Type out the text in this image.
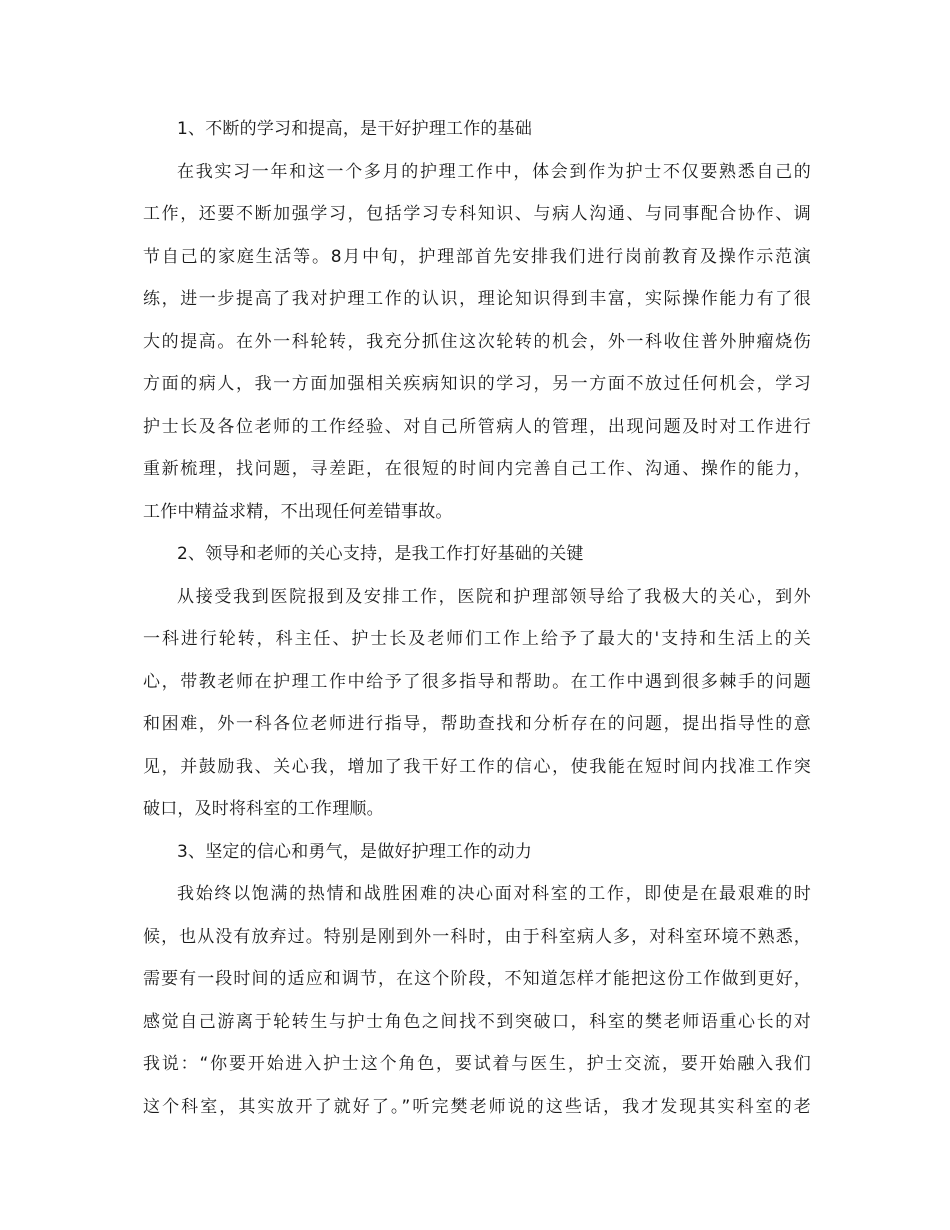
1、不断的学习和提高，是干好护理工作的基础
在我实习一年和这一个多月的护理工作中，体会到作为护士不仅要熟悉自己的
工作，还要不断加强学习，包括学习专科知识、与病人沟通、与同事配合协作、调
节自己的家庭生活等。8月中旬，护理部首先安排我们进行岗前教育及操作示范演
练，进一步提高了我对护理工作的认识，理论知识得到丰富，实际操作能力有了很
大的提高。在外一科轮转，我充分抓住这次轮转的机会，外一科收住普外肿瘤烧伤
方面的病人，我一方面加强相关疾病知识的学习，另一方面不放过任何机会，学习
护士长及各位老师的工作经验、对自己所管病人的管理，出现问题及时对工作进行
重新梳理，找问题，寻差距，在很短的时间内完善自己工作、沟通、操作的能力，
工作中精益求精，不出现任何差错事故。
2、领导和老师的关心支持，是我工作打好基础的关键
从接受我到医院报到及安排工作，医院和护理部领导给了我极大的关心，到外
一科进行轮转，科主任、护士长及老师们工作上给予了最大的'支持和生活上的关
心，带教老师在护理工作中给予了很多指导和帮助。在工作中遇到很多棘手的问题
和困难，外一科各位老师进行指导，帮助查找和分析存在的问题，提出指导性的意
见，并鼓励我、关心我，增加了我干好工作的信心，使我能在短时间内找准工作突
破口，及时将科室的工作理顺。
3、坚定的信心和勇气，是做好护理工作的动力
我始终以饱满的热情和战胜困难的决心面对科室的工作，即使是在最艰难的时
候，也从没有放弃过。特别是刚到外一科时，由于科室病人多，对科室环境不熟悉，
需要有一段时间的适应和调节，在这个阶段，不知道怎样才能把这份工作做到更好，
感觉自己游离于轮转生与护士角色之间找不到突破口，科室的樊老师语重心长的对
我说：“你要开始进入护士这个角色，要试着与医生，护士交流，要开始融入我们
这个科室，其实放开了就好了。”听完樊老师说的这些话，我才发现其实科室的老
